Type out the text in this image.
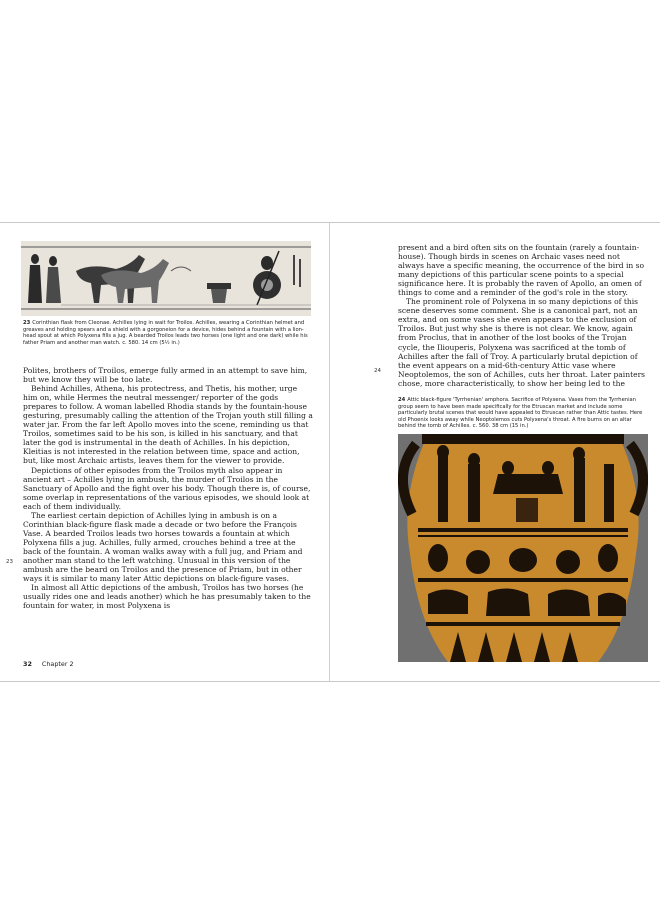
23 Corinthian flask from Cleonae. Achilles lying in wait for Troilos. Achilles, wearing a Corinthian helmet and greaves and holding spears and a shield with a gorgoneion for a device, hides behind a fountain with a lion-head spout at which Polyxena fills a jug. A bearded Troilos leads two horses (one light and one dark) while his father Priam and another man watch. c. 580. 14 cm (5½ in.)

Polites, brothers of Troilos, emerge fully armed in an attempt to save him, but we know they will be too late.

Behind Achilles, Athena, his protectress, and Thetis, his mother, urge him on, while Hermes the neutral messenger/ reporter of the gods prepares to follow. A woman labelled Rhodia stands by the fountain-house gesturing, presumably calling the attention of the Trojan youth still filling a water jar. From the far left Apollo moves into the scene, reminding us that Troilos, sometimes said to be his son, is killed in his sanctuary, and that later the god is instrumental in the death of Achilles. In his depiction, Kleitias is not interested in the relation between time, space and action, but, like most Archaic artists, leaves them for the viewer to provide.

Depictions of other episodes from the Troilos myth also appear in ancient art – Achilles lying in ambush, the murder of Troilos in the Sanctuary of Apollo and the fight over his body. Though there is, of course, some overlap in representations of the various episodes, we should look at each of them individually.

The earliest certain depiction of Achilles lying in ambush is on a Corinthian black-figure flask made a decade or two before the François Vase. A bearded Troilos leads two horses towards a fountain at which Polyxena fills a jug. Achilles, fully armed, crouches behind a tree at the back of the fountain. A woman walks away with a full jug, and Priam and another man stand to the left watching. Unusual in this version of the ambush are the beard on Troilos and the presence of Priam, but in other ways it is similar to many later Attic depictions on black-figure vases.

In almost all Attic depictions of the ambush, Troilos has two horses (he usually rides one and leads another) which he has presumably taken to the fountain for water, in most Polyxena is

23
32 Chapter 2

present and a bird often sits on the fountain (rarely a fountain-house). Though birds in scenes on Archaic vases need not always have a specific meaning, the occurrence of the bird in so many depictions of this particular scene points to a special significance here. It is probably the raven of Apollo, an omen of things to come and a reminder of the god's role in the story.

The prominent role of Polyxena in so many depictions of this scene deserves some comment. She is a canonical part, not an extra, and on some vases she even appears to the exclusion of Troilos. But just why she is there is not clear. We know, again from Proclus, that in another of the lost books of the Trojan cycle, the Iliouperis, Polyxena was sacrificed at the tomb of Achilles after the fall of Troy. A particularly brutal depiction of the event appears on a mid-6th-century Attic vase where Neoptolemos, the son of Achilles, cuts her throat. Later painters chose, more characteristically, to show her being led to the

24
24 Attic black-figure 'Tyrrhenian' amphora. Sacrifice of Polyxena. Vases from the Tyrrhenian group seem to have been made specifically for the Etruscan market and include some particularly brutal scenes that would have appealed to Etruscan rather than Attic tastes. Here old Phoenix looks away while Neoptolemos cuts Polyxena's throat. A fire burns on an altar behind the tomb of Achilles. c. 560. 38 cm (15 in.)
